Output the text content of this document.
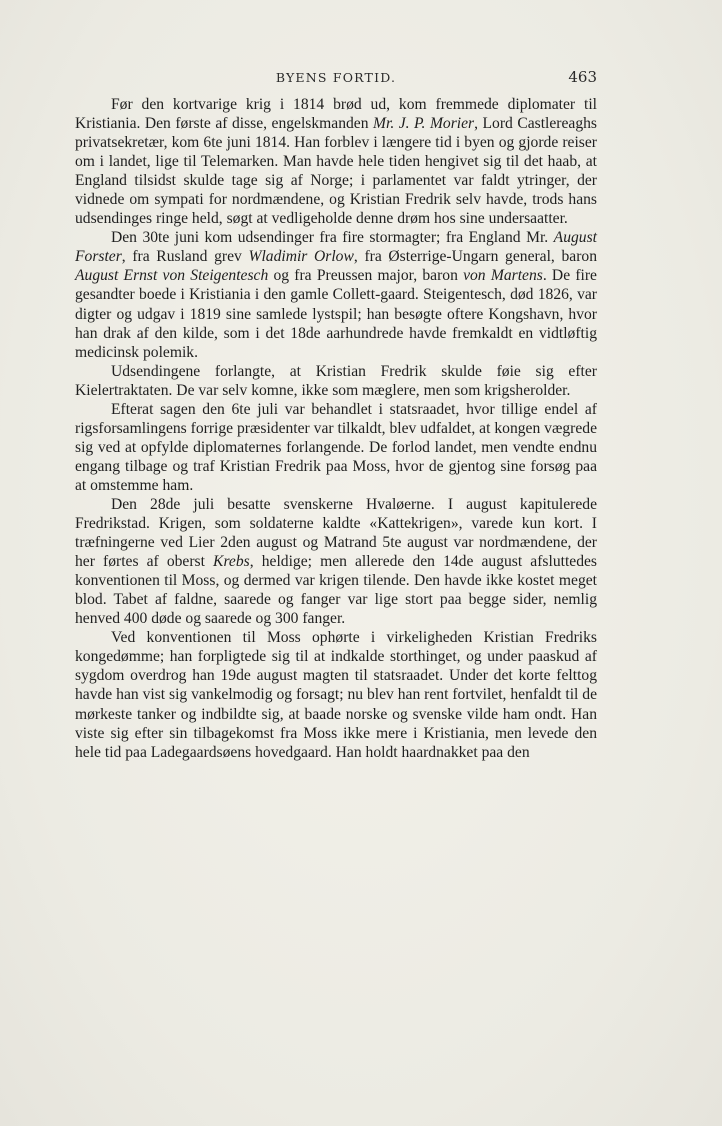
BYENS FORTID.	463

Før den kortvarige krig i 1814 brød ud, kom fremmede diplomater til Kristiania. Den første af disse, engelskmanden Mr. J. P. Morier, Lord Castlereaghs privatsekretær, kom 6te juni 1814. Han forblev i længere tid i byen og gjorde reiser om i landet, lige til Telemarken. Man havde hele tiden hengivet sig til det haab, at England tilsidst skulde tage sig af Norge; i parlamentet var faldt ytringer, der vidnede om sympati for nordmændene, og Kristian Fredrik selv havde, trods hans udsendinges ringe held, søgt at vedligeholde denne drøm hos sine undersaatter.

Den 30te juni kom udsendinger fra fire stormagter; fra England Mr. August Forster, fra Rusland grev Wladimir Orlow, fra Østerrige-Ungarn general, baron August Ernst von Steigentesch og fra Preussen major, baron von Martens. De fire gesandter boede i Kristiania i den gamle Collett-gaard. Steigentesch, død 1826, var digter og udgav i 1819 sine samlede lystspil; han besøgte oftere Kongshavn, hvor han drak af den kilde, som i det 18de aarhundrede havde fremkaldt en vidtløftig medicinsk polemik.

Udsendingene forlangte, at Kristian Fredrik skulde føie sig efter Kielertraktaten. De var selv komne, ikke som mæglere, men som krigsherolder.

Efterat sagen den 6te juli var behandlet i statsraadet, hvor tillige endel af rigsforsamlingens forrige præsidenter var tilkaldt, blev udfaldet, at kongen vægrede sig ved at opfylde diplomaternes forlangende. De forlod landet, men vendte endnu engang tilbage og traf Kristian Fredrik paa Moss, hvor de gjentog sine forsøg paa at omstemme ham.

Den 28de juli besatte svenskerne Hvaløerne. I august kapitulerede Fredrikstad. Krigen, som soldaterne kaldte «Kattekrigen», varede kun kort. I træfningerne ved Lier 2den august og Matrand 5te august var nordmændene, der her førtes af oberst Krebs, heldige; men allerede den 14de august afsluttedes konventionen til Moss, og dermed var krigen tilende. Den havde ikke kostet meget blod. Tabet af faldne, saarede og fanger var lige stort paa begge sider, nemlig henved 400 døde og saarede og 300 fanger.

Ved konventionen til Moss ophørte i virkeligheden Kristian Fredriks kongedømme; han forpligtede sig til at indkalde storthinget, og under paaskud af sygdom overdrog han 19de august magten til statsraadet. Under det korte felttog havde han vist sig vankelmodig og forsagt; nu blev han rent fortvilet, henfaldt til de mørkeste tanker og indbildte sig, at baade norske og svenske vilde ham ondt. Han viste sig efter sin tilbagekomst fra Moss ikke mere i Kristiania, men levede den hele tid paa Ladegaardsøens hovedgaard. Han holdt haardnakket paa den
